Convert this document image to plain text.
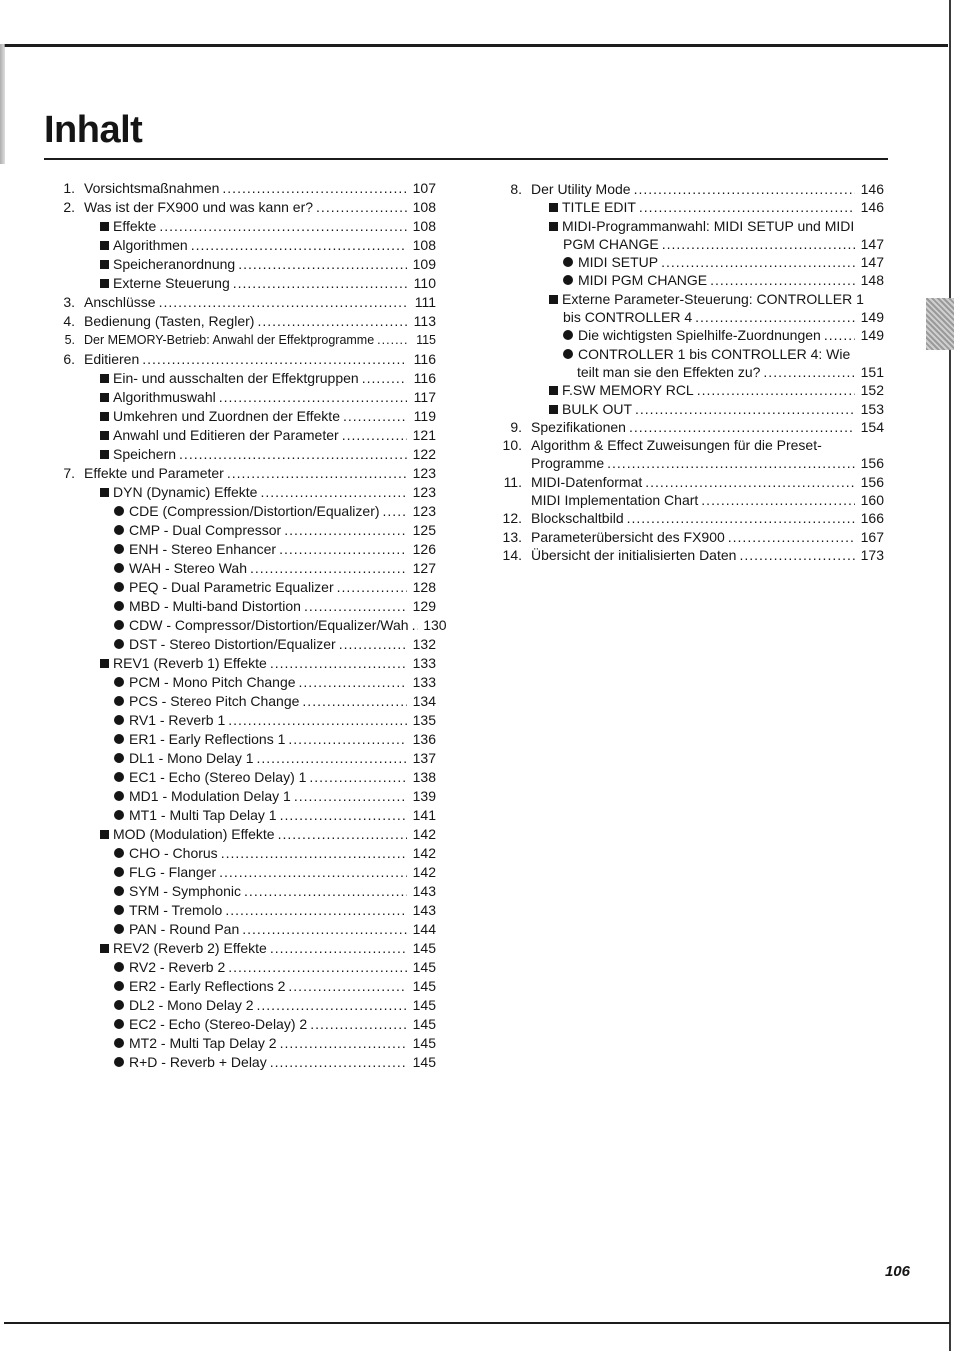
Inhalt
1. Vorsichtsmaßnahmen .....	107
2. Was ist der FX900 und was kann er? .....	108
Effekte .....	108
Algorithmen .....	108
Speicheranordnung .....	109
Externe Steuerung .....	110
3. Anschlüsse .....	111
4. Bedienung (Tasten, Regler) .....	113
5. Der MEMORY-Betrieb: Anwahl der Effektprogramme .....	115
6. Editieren .....	116
Ein- und ausschalten der Effektgruppen .....	116
Algorithmuswahl .....	117
Umkehren und Zuordnen der Effekte .....	119
Anwahl und Editieren der Parameter .....	121
Speichern .....	122
7. Effekte und Parameter .....	123
DYN (Dynamic) Effekte .....	123
CDE (Compression/Distortion/Equalizer) ..... 123
CMP - Dual Compressor .....	125
ENH - Stereo Enhancer .....	126
WAH - Stereo Wah .....	127
PEQ - Dual Parametric Equalizer .....	128
MBD - Multi-band Distortion .....	129
CDW - Compressor/Distortion/Equalizer/Wah ..... 130
DST - Stereo Distortion/Equalizer .....	132
REV1 (Reverb 1) Effekte .....	133
PCM - Mono Pitch Change .....	133
PCS - Stereo Pitch Change .....	134
RV1 - Reverb 1 .....	135
ER1 - Early Reflections 1 .....	136
DL1 - Mono Delay 1 .....	137
EC1 - Echo (Stereo Delay) 1 .....	138
MD1 - Modulation Delay 1 .....	139
MT1 - Multi Tap Delay 1 .....	141
MOD (Modulation) Effekte .....	142
CHO - Chorus .....	142
FLG - Flanger .....	142
SYM - Symphonic .....	143
TRM - Tremolo .....	143
PAN - Round Pan .....	144
REV2 (Reverb 2) Effekte .....	145
RV2 - Reverb 2 .....	145
ER2 - Early Reflections 2 .....	145
DL2 - Mono Delay 2 .....	145
EC2 - Echo (Stereo-Delay) 2 .....	145
MT2 - Multi Tap Delay 2 .....	145
R+D - Reverb + Delay .....	145
8. Der Utility Mode .....	146
TITLE EDIT .....	146
MIDI-Programmanwahl: MIDI SETUP und MIDI
PGM CHANGE .....	147
MIDI SETUP .....	147
MIDI PGM CHANGE .....	148
Externe Parameter-Steuerung: CONTROLLER 1
bis CONTROLLER 4 .....	149
Die wichtigsten Spielhilfe-Zuordnungen .....	149
CONTROLLER 1 bis CONTROLLER 4: Wie
teilt man sie den Effekten zu? .....	151
F.SW MEMORY RCL .....	152
BULK OUT .....	153
9. Spezifikationen .....	154
10. Algorithm & Effect Zuweisungen für die Preset-
Programme .....	156
11. MIDI-Datenformat .....	156
MIDI Implementation Chart .....	160
12. Blockschaltbild .....	166
13. Parameterübersicht des FX900 .....	167
14. Übersicht der initialisierten Daten .....	173
106
